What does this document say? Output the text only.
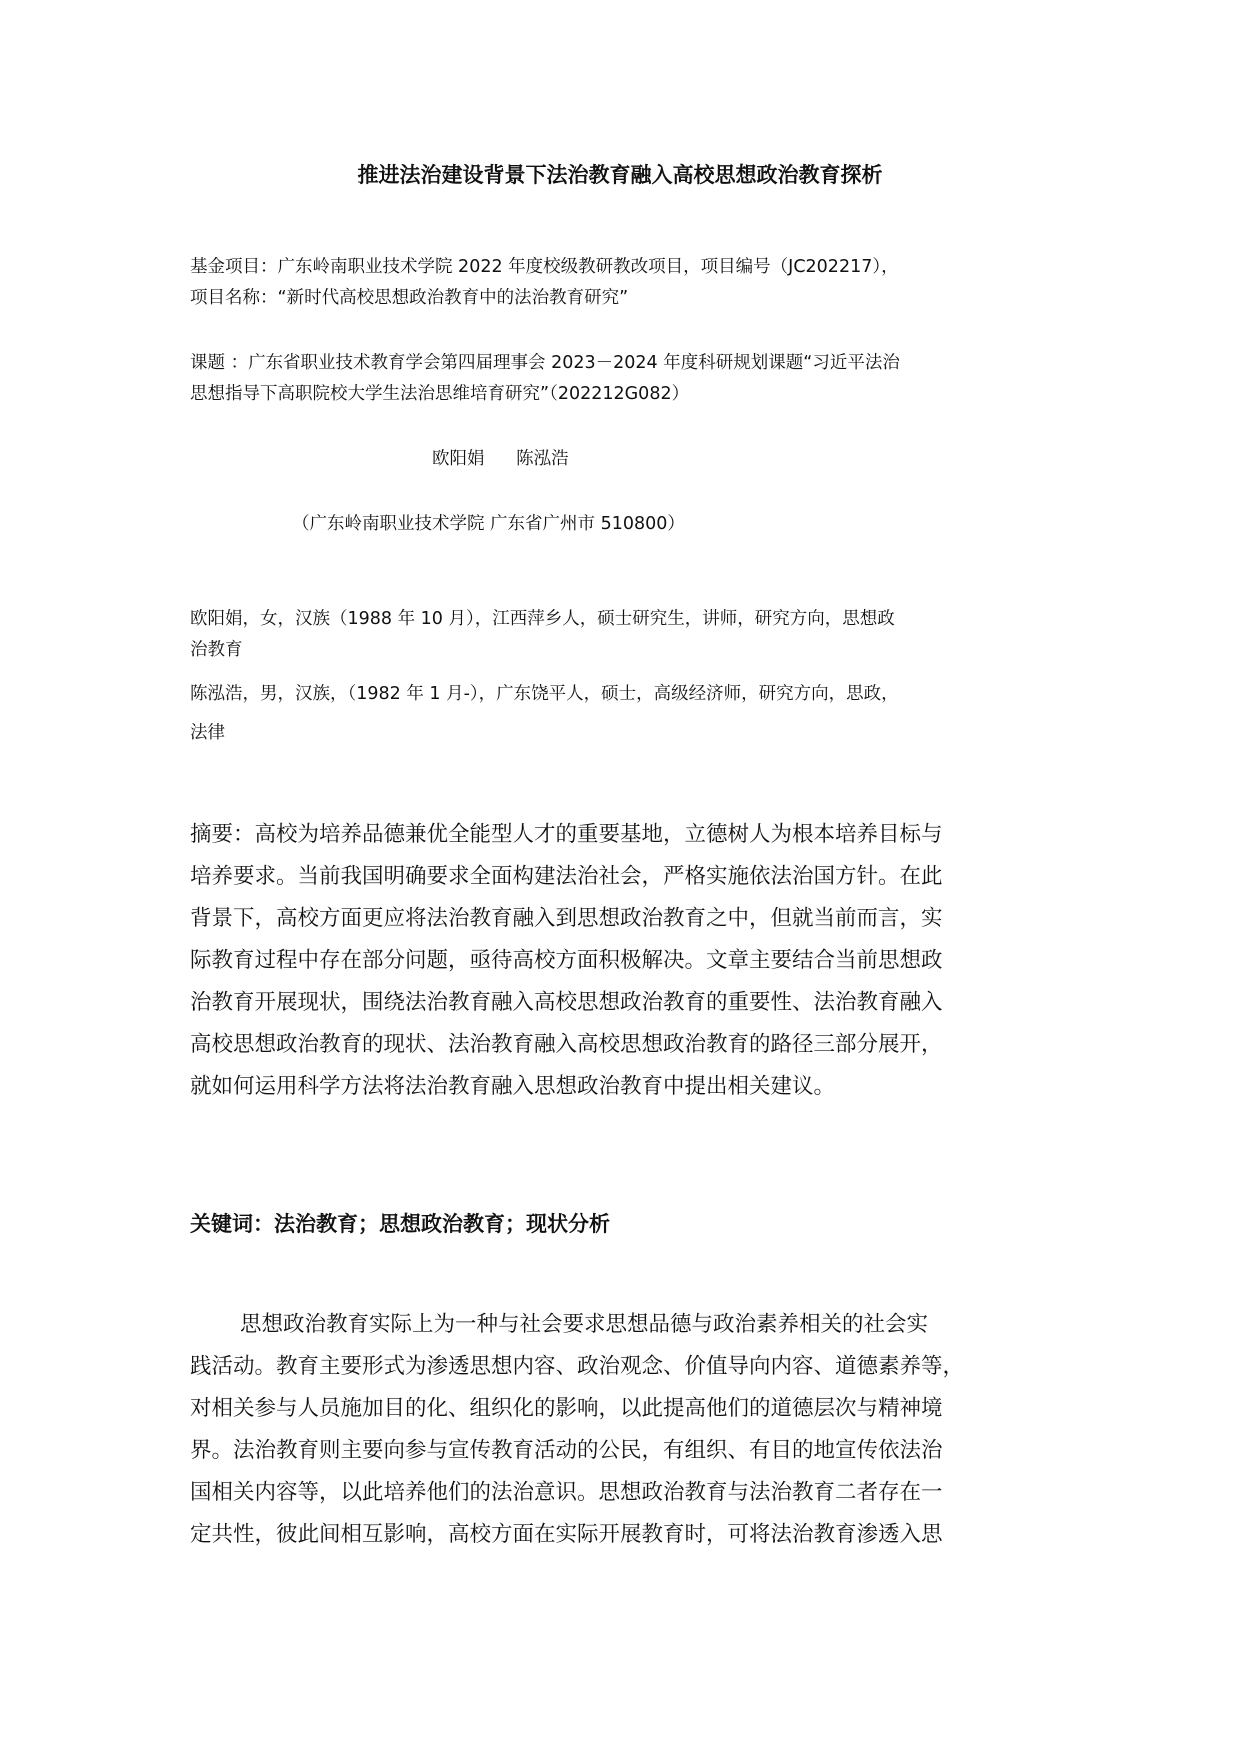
推进法治建设背景下法治教育融入高校思想政治教育探析

基金项目：广东岭南职业技术学院 2022 年度校级教研教改项目，项目编号（JC202217），

项目名称：“新时代高校思想政治教育中的法治教育研究”

课题 ：广东省职业技术教育学会第四届理事会 2023－2024 年度科研规划课题“习近平法治

思想指导下高职院校大学生法治思维培育研究”（202212G082）

欧阳娟 陈泓浩
（广东岭南职业技术学院 广东省广州市 510800）

欧阳娟，女，汉族（1988 年 10 月），江西萍乡人，硕士研究生，讲师，研究方向，思想政

治教育

陈泓浩，男，汉族，（1982 年 1 月-），广东饶平人，硕士，高级经济师，研究方向，思政，

法律

摘要：高校为培养品德兼优全能型人才的重要基地，立德树人为根本培养目标与

培养要求。当前我国明确要求全面构建法治社会，严格实施依法治国方针。在此

背景下，高校方面更应将法治教育融入到思想政治教育之中，但就当前而言，实

际教育过程中存在部分问题，亟待高校方面积极解决。文章主要结合当前思想政

治教育开展现状，围绕法治教育融入高校思想政治教育的重要性、法治教育融入

高校思想政治教育的现状、法治教育融入高校思想政治教育的路径三部分展开，

就如何运用科学方法将法治教育融入思想政治教育中提出相关建议。

关键词：法治教育；思想政治教育；现状分析

思想政治教育实际上为一种与社会要求思想品德与政治素养相关的社会实

践活动。教育主要形式为渗透思想内容、政治观念、价值导向内容、道德素养等，

对相关参与人员施加目的化、组织化的影响，以此提高他们的道德层次与精神境

界。法治教育则主要向参与宣传教育活动的公民，有组织、有目的地宣传依法治

国相关内容等，以此培养他们的法治意识。思想政治教育与法治教育二者存在一

定共性，彼此间相互影响，高校方面在实际开展教育时，可将法治教育渗透入思
